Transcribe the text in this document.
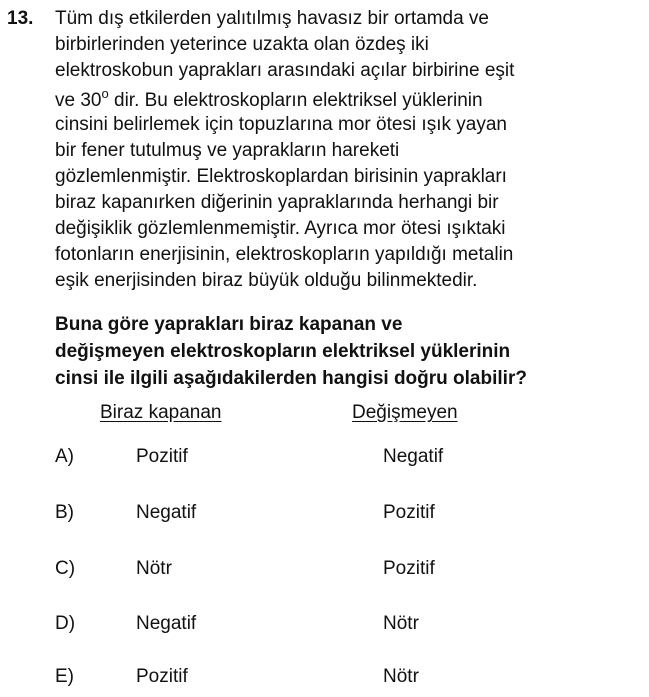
13. Tüm dış etkilerden yalıtılmış havasız bir ortamda ve
birbirlerinden yeterince uzakta olan özdeş iki
elektroskobun yaprakları arasındaki açılar birbirine eşit
ve 30$^o$ dir. Bu elektroskopların elektriksel yüklerinin
cinsini belirlemek için topuzlarına mor ötesi ışık yayan
bir fener tutulmuş ve yaprakların hareketi
gözlemlenmiştir. Elektroskoplardan birisinin yaprakları
biraz kapanırken diğerinin yapraklarında herhangi bir
değişiklik gözlemlenmemiştir. Ayrıca mor ötesi ışıktaki
fotonların enerjisinin, elektroskopların yapıldığı metalin
eşik enerjisinden biraz büyük olduğu bilinmektedir.
Buna göre yaprakları biraz kapanan ve
değişmeyen elektroskopların elektriksel yüklerinin
cinsi ile ilgili aşağıdakilerden hangisi doğru olabilir?
Biraz kapanan	Değişmeyen
A)	Pozitif	Negatif
B)	Negatif	Pozitif
C)	Nötr	Pozitif
D)	Negatif	Nötr
E)	Pozitif	Nötr
